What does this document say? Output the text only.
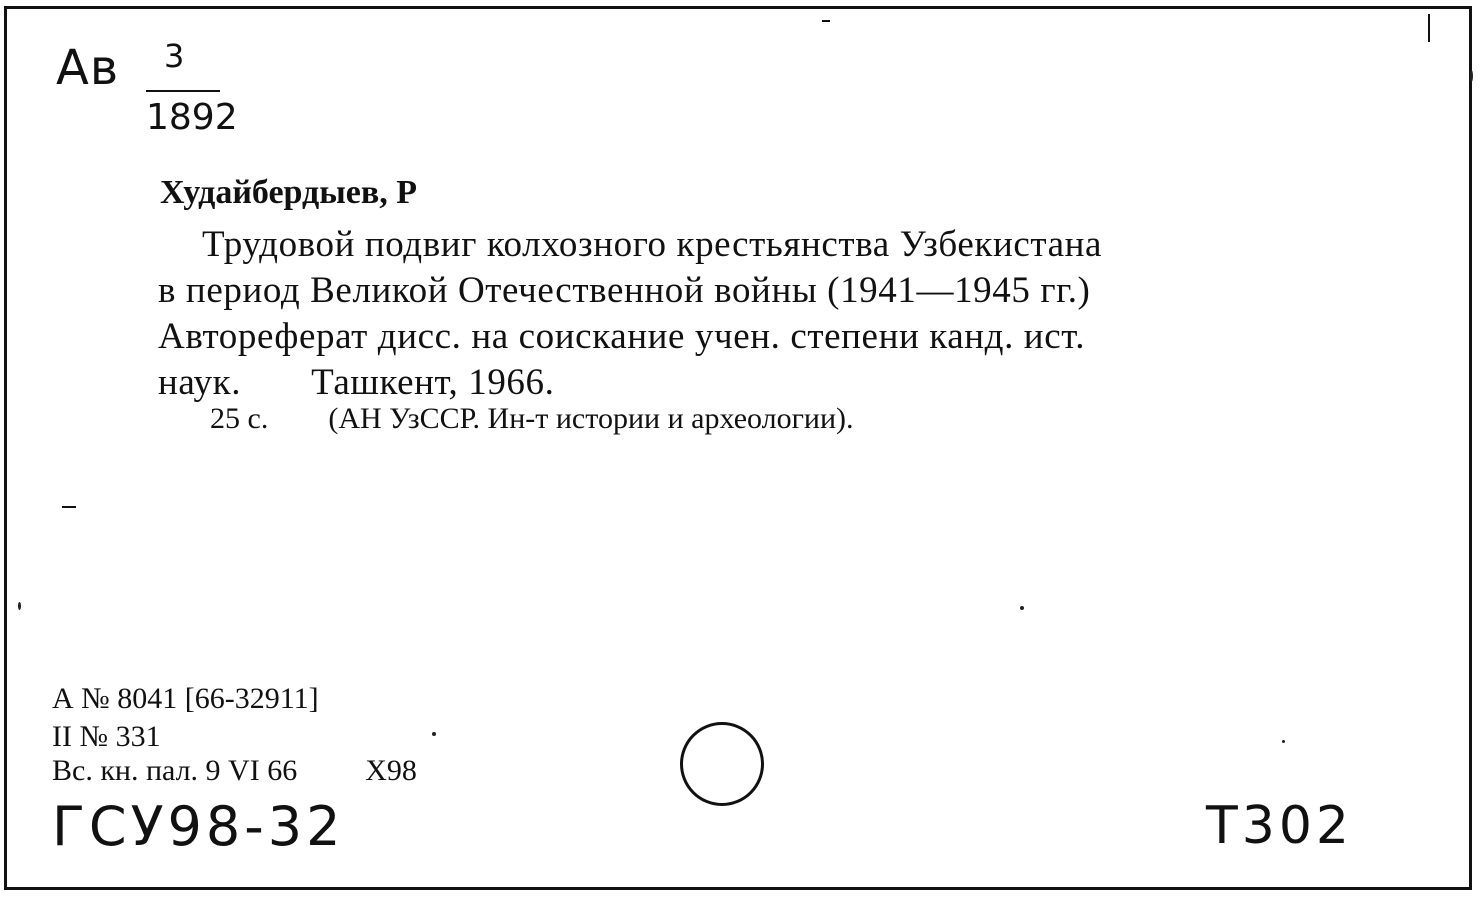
Ав 3
1892
Худайбердыев, Р
Трудовой подвиг колхозного крестьянства Узбекистана
в период Великой Отечественной войны (1941—1945 гг.)
Автореферат дисс. на соискание учен. степени канд. ист.
наук. Ташкент, 1966.
25 с. (АН УзССР. Ин-т истории и археологии).
А № 8041 [66-32911]
II № 331
Вс. кн. пал. 9 VI 66 Х98
ГСУ98-32	Т302
